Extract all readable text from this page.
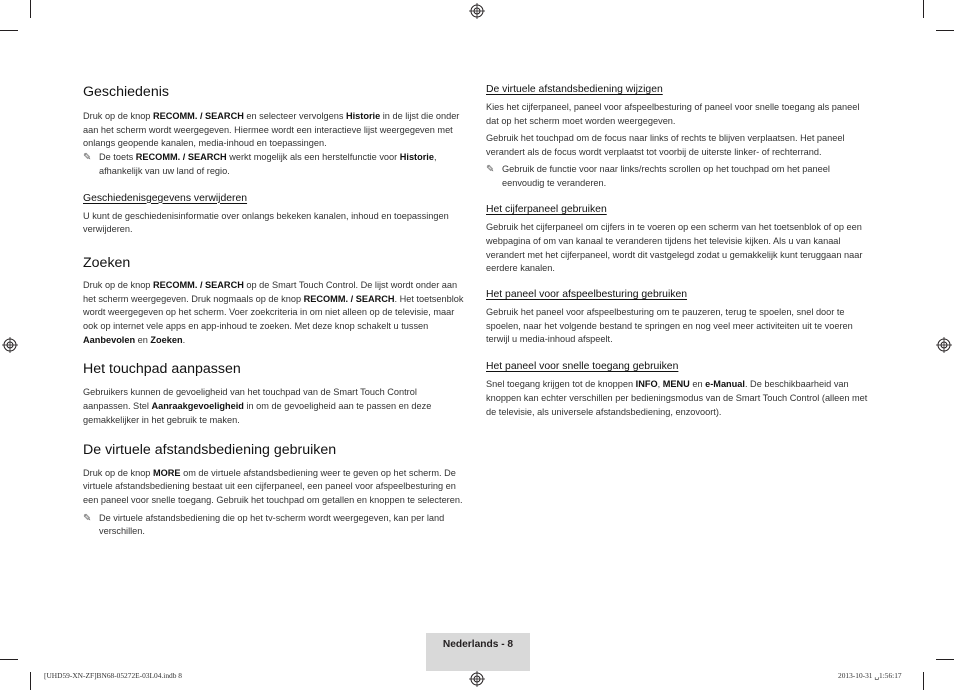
Geschiedenis

Druk op de knop RECOMM. / SEARCH en selecteer vervolgens Historie in de lijst die onder aan het scherm wordt weergegeven. Hiermee wordt een interactieve lijst weergegeven met onlangs geopende kanalen, media-inhoud en toepassingen.

✎ De toets RECOMM. / SEARCH werkt mogelijk als een herstelfunctie voor Historie, afhankelijk van uw land of regio.

Geschiedenisgegevens verwijderen

U kunt de geschiedenisinformatie over onlangs bekeken kanalen, inhoud en toepassingen verwijderen.

Zoeken

Druk op de knop RECOMM. / SEARCH op de Smart Touch Control. De lijst wordt onder aan het scherm weergegeven. Druk nogmaals op de knop RECOMM. / SEARCH. Het toetsenblok wordt weergegeven op het scherm. Voer zoekcriteria in om niet alleen op de televisie, maar ook op internet vele apps en app-inhoud te zoeken. Met deze knop schakelt u tussen Aanbevolen en Zoeken.

Het touchpad aanpassen

Gebruikers kunnen de gevoeligheid van het touchpad van de Smart Touch Control aanpassen. Stel Aanraakgevoeligheid in om de gevoeligheid aan te passen en deze gemakkelijker in het gebruik te maken.

De virtuele afstandsbediening gebruiken

Druk op de knop MORE om de virtuele afstandsbediening weer te geven op het scherm. De virtuele afstandsbediening bestaat uit een cijferpaneel, een paneel voor afspeelbesturing en een paneel voor snelle toegang. Gebruik het touchpad om getallen en knoppen te selecteren.

✎ De virtuele afstandsbediening die op het tv-scherm wordt weergegeven, kan per land verschillen.

De virtuele afstandsbediening wijzigen

Kies het cijferpaneel, paneel voor afspeelbesturing of paneel voor snelle toegang als paneel dat op het scherm moet worden weergegeven.

Gebruik het touchpad om de focus naar links of rechts te blijven verplaatsen. Het paneel verandert als de focus wordt verplaatst tot voorbij de uiterste linker- of rechterrand.

✎ Gebruik de functie voor naar links/rechts scrollen op het touchpad om het paneel eenvoudig te veranderen.

Het cijferpaneel gebruiken

Gebruik het cijferpaneel om cijfers in te voeren op een scherm van het toetsenblok of op een webpagina of om van kanaal te veranderen tijdens het televisie kijken. Als u van kanaal verandert met het cijferpaneel, wordt dit vastgelegd zodat u gemakkelijk kunt teruggaan naar eerdere kanalen.

Het paneel voor afspeelbesturing gebruiken

Gebruik het paneel voor afspeelbesturing om te pauzeren, terug te spoelen, snel door te spoelen, naar het volgende bestand te springen en nog veel meer activiteiten uit te voeren terwijl u media-inhoud afspeelt.

Het paneel voor snelle toegang gebruiken

Snel toegang krijgen tot de knoppen INFO, MENU en e-Manual. De beschikbaarheid van knoppen kan echter verschillen per bedieningsmodus van de Smart Touch Control (alleen met de televisie, als universele afstandsbediening, enzovoort).

Nederlands - 8
[UHD59-XN-ZF]BN68-05272E-03L04.indb 8	2013-10-31 ␣1:56:17
